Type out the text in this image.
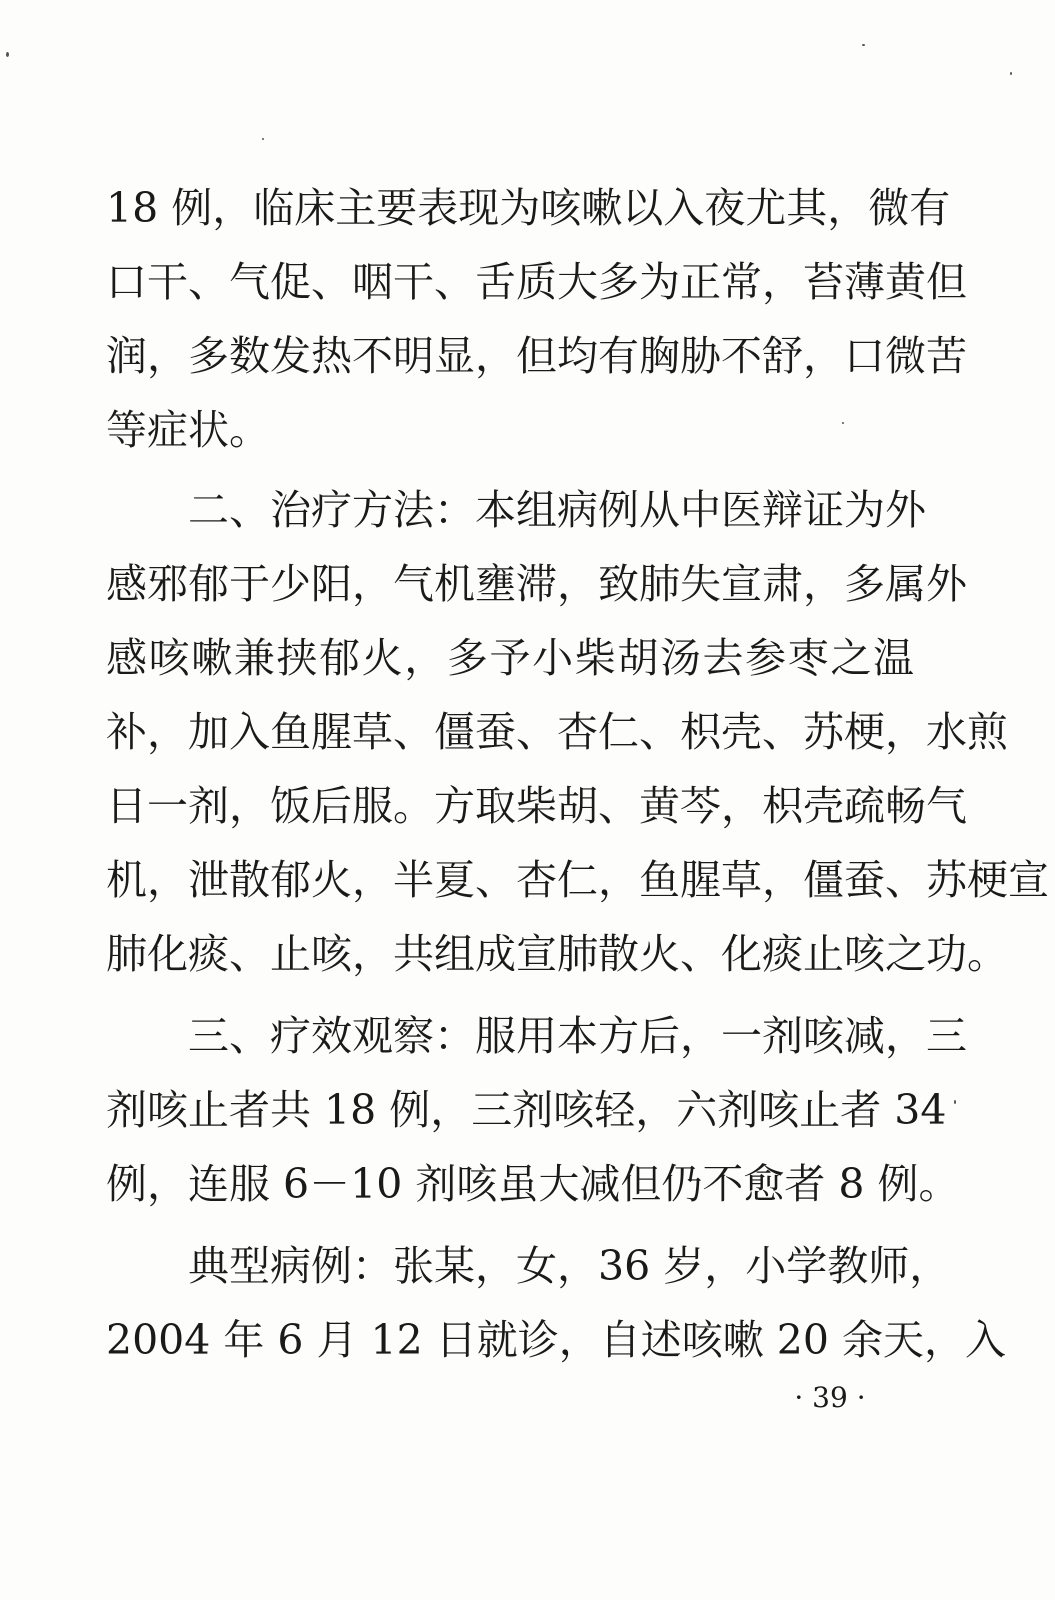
18 例，临床主要表现为咳嗽以入夜尤其，微有
口干、气促、咽干、舌质大多为正常，苔薄黄但
润，多数发热不明显，但均有胸胁不舒，口微苦
等症状。
二、治疗方法：本组病例从中医辩证为外
感邪郁于少阳，气机壅滞，致肺失宣肃，多属外
感咳嗽兼挟郁火，多予小柴胡汤去参枣之温
补，加入鱼腥草、僵蚕、杏仁、枳壳、苏梗，水煎
日一剂，饭后服。方取柴胡、黄芩，枳壳疏畅气
机，泄散郁火，半夏、杏仁，鱼腥草，僵蚕、苏梗宣
肺化痰、止咳，共组成宣肺散火、化痰止咳之功。
三、疗效观察：服用本方后，一剂咳减，三
剂咳止者共 18 例，三剂咳轻，六剂咳止者 34
例，连服 6－10 剂咳虽大减但仍不愈者 8 例。
典型病例：张某，女，36 岁，小学教师，
2004 年 6 月 12 日就诊，自述咳嗽 20 余天，入
· 39 ·
